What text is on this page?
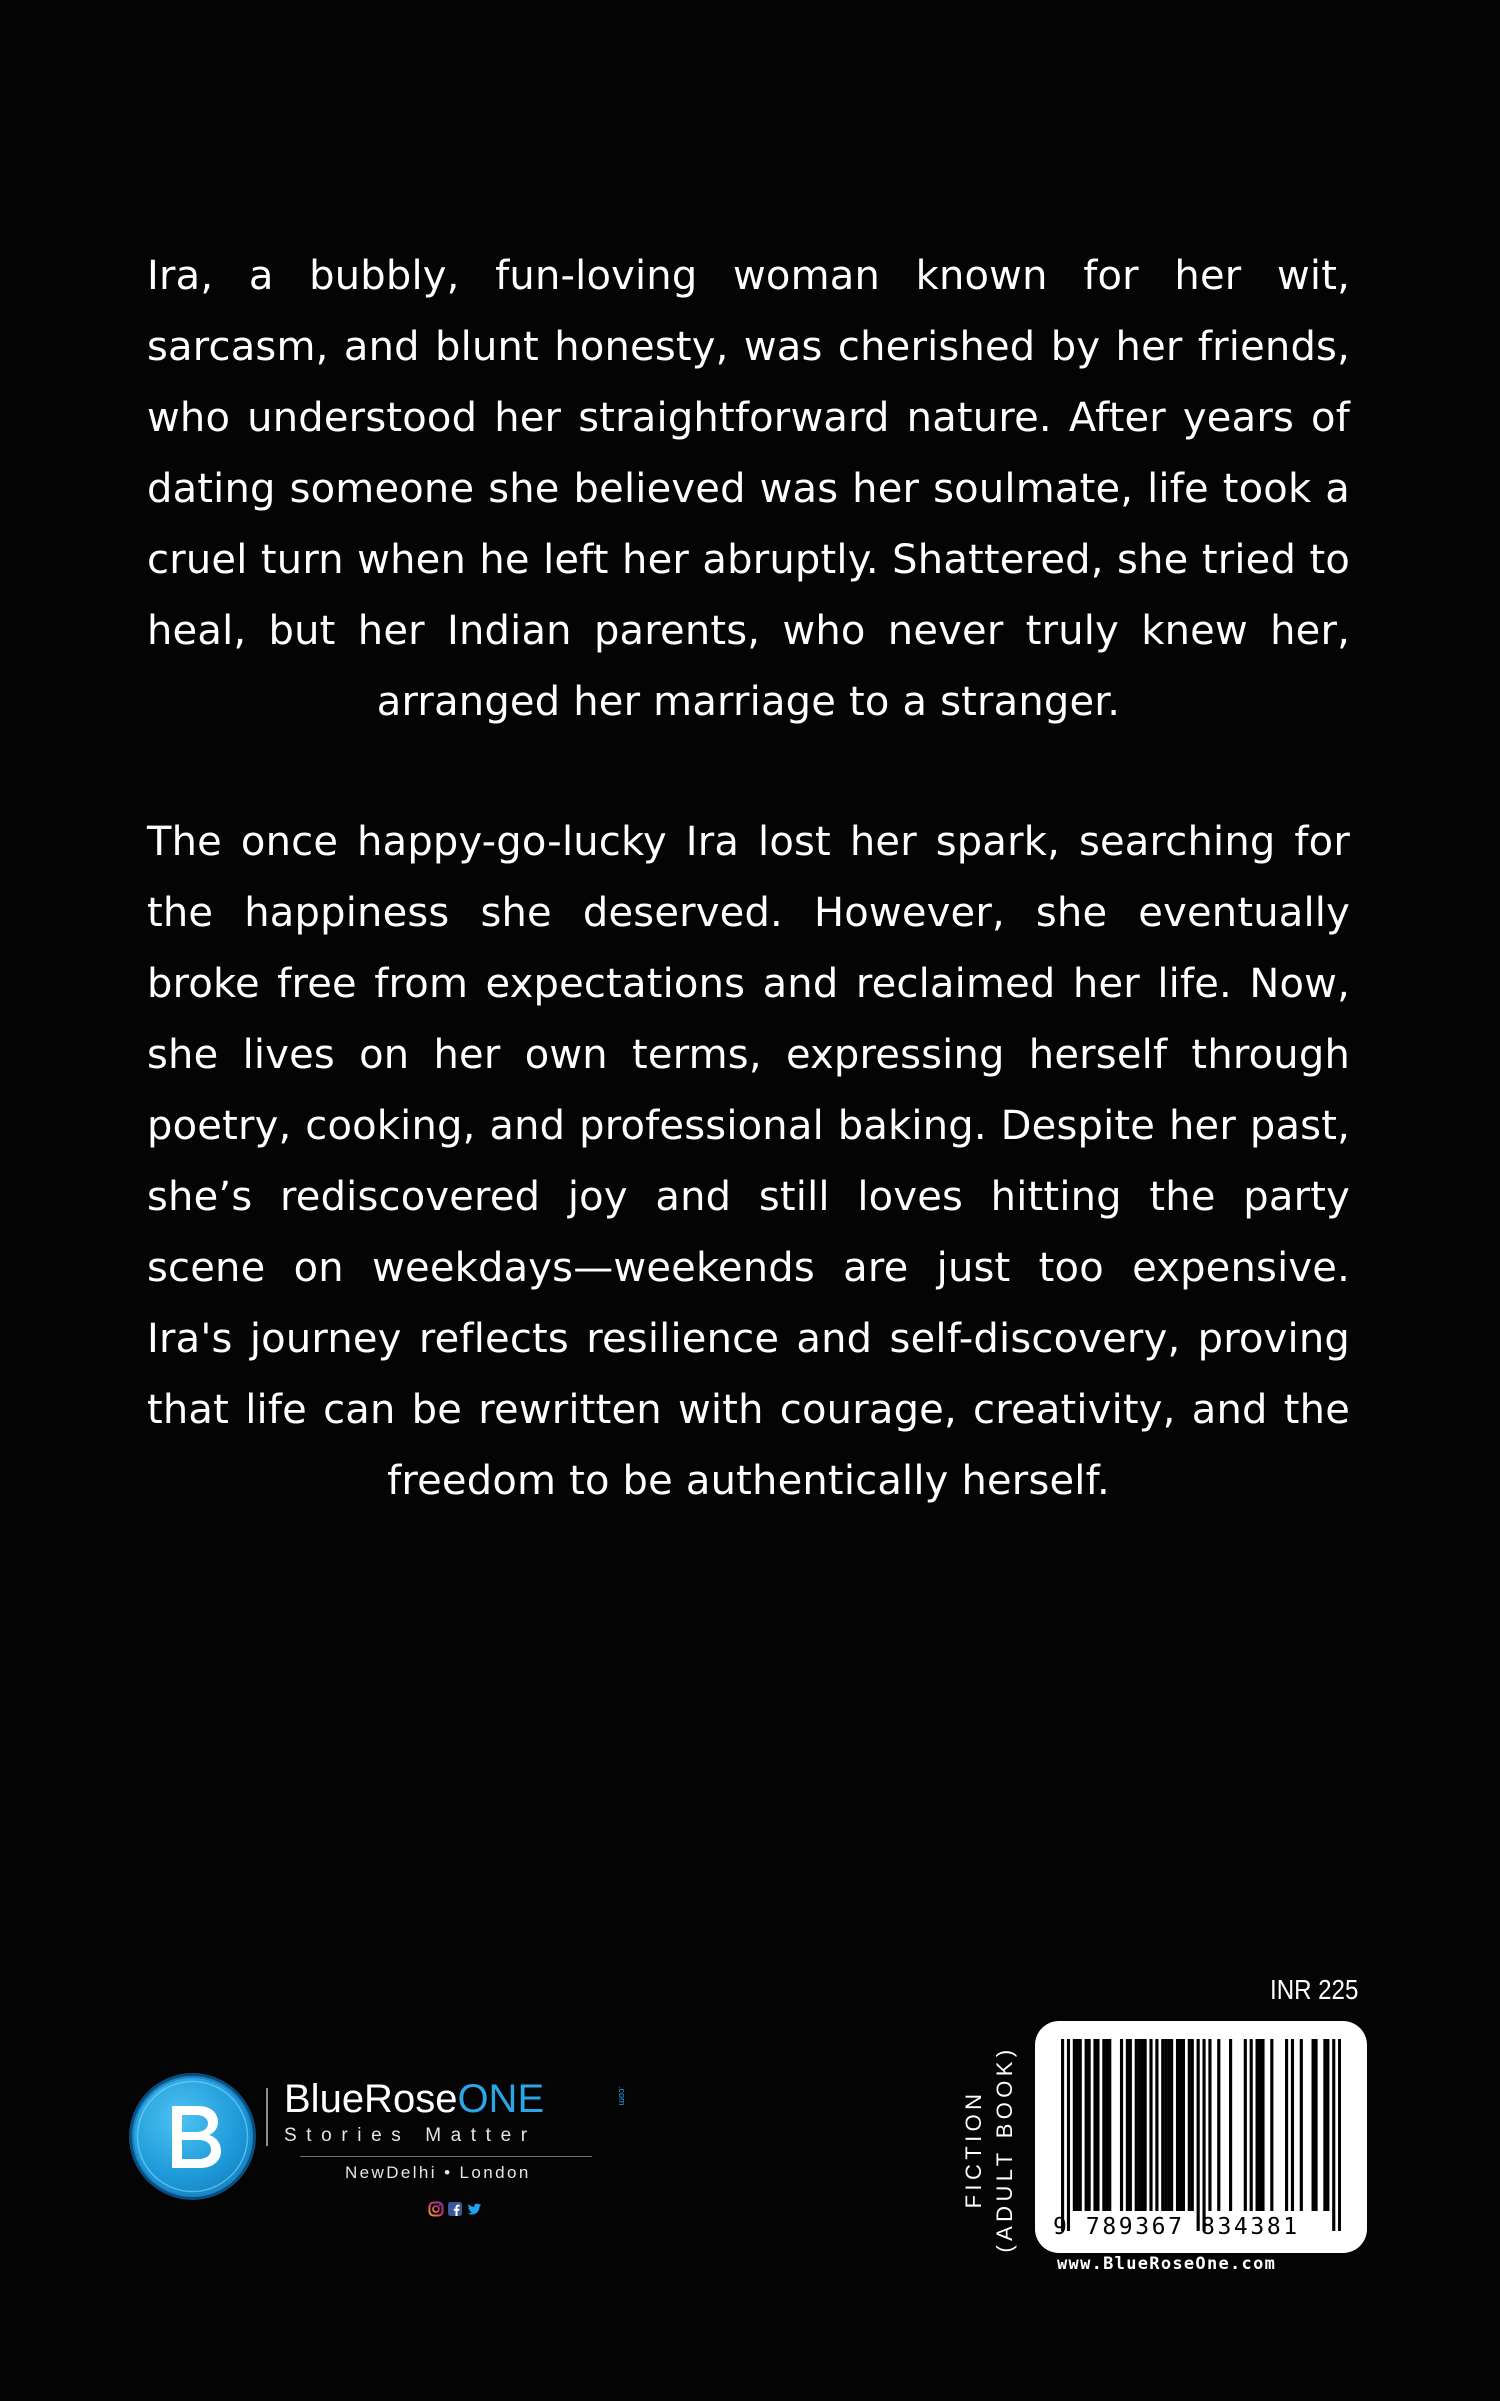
Ira, a bubbly, fun-loving woman known for her wit, sarcasm, and blunt honesty, was cherished by her friends, who understood her straightforward nature. After years of dating someone she believed was her soulmate, life took a cruel turn when he left her abruptly. Shattered, she tried to heal, but her Indian parents, who never truly knew her, arranged her marriage to a stranger.

The once happy-go-lucky Ira lost her spark, searching for the happiness she deserved. However, she eventually broke free from expectations and reclaimed her life. Now, she lives on her own terms, expressing herself through poetry, cooking, and professional baking. Despite her past, she’s rediscovered joy and still loves hitting the party scene on weekdays—weekends are just too expensive. Ira's journey reflects resilience and self-discovery, proving that life can be rewritten with courage, creativity, and the freedom to be authentically herself.

BlueRoseONE	.com
Stories Matter
NewDelhi • London
INR 225
FICTION (ADULT BOOK) 9 789367 834381
www.BlueRoseOne.com
